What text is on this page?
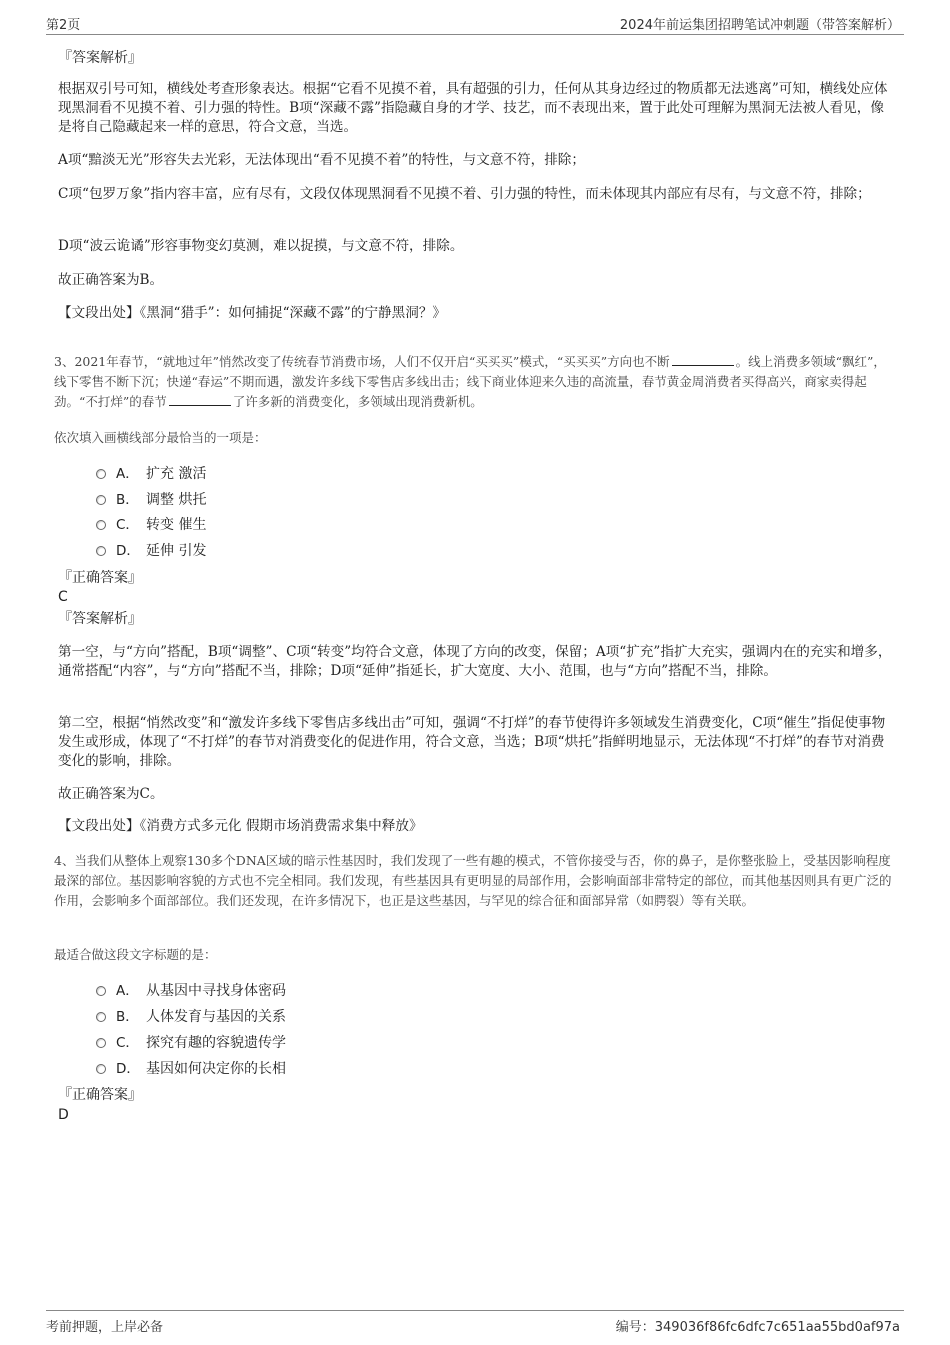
第2页	2024年前运集团招聘笔试冲刺题（带答案解析）
『答案解析』

根据双引号可知，横线处考查形象表达。根据“它看不见摸不着，具有超强的引力，任何从其身边经过的物质都无法逃离”可知，横线处应体现黑洞看不见摸不着、引力强的特性。B项“深藏不露”指隐藏自身的才学、技艺，而不表现出来，置于此处可理解为黑洞无法被人看见，像是将自己隐藏起来一样的意思，符合文意，当选。

A项“黯淡无光”形容失去光彩，无法体现出“看不见摸不着”的特性，与文意不符，排除；

C项“包罗万象”指内容丰富，应有尽有，文段仅体现黑洞看不见摸不着、引力强的特性，而未体现其内部应有尽有，与文意不符，排除；

D项“波云诡谲”形容事物变幻莫测，难以捉摸，与文意不符，排除。

故正确答案为B。

【文段出处】《黑洞“猎手”：如何捕捉“深藏不露”的宁静黑洞？》

3、2021年春节，“就地过年”悄然改变了传统春节消费市场，人们不仅开启“买买买”模式，“买买买”方向也不断	。线上消费多领域“飘红”，线下零售不断下沉；快递“春运”不期而遇，激发许多线下零售店多线出击；线下商业体迎来久违的高流量，春节黄金周消费者买得高兴，商家卖得起劲。“不打烊”的春节	了许多新的消费变化，多领域出现消费新机。

依次填入画横线部分最恰当的一项是：

A． 扩充 激活
B． 调整 烘托
C． 转变 催生
D． 延伸 引发
『正确答案』
C
『答案解析』

第一空，与“方向”搭配，B项“调整”、C项“转变”均符合文意，体现了方向的改变，保留；A项“扩充”指扩大充实，强调内在的充实和增多，通常搭配“内容”，与“方向”搭配不当，排除；D项“延伸”指延长，扩大宽度、大小、范围，也与“方向”搭配不当，排除。

第二空，根据“悄然改变”和“激发许多线下零售店多线出击”可知，强调“不打烊”的春节使得许多领域发生消费变化，C项“催生”指促使事物发生或形成，体现了“不打烊”的春节对消费变化的促进作用，符合文意，当选；B项“烘托”指鲜明地显示，无法体现“不打烊”的春节对消费变化的影响，排除。

故正确答案为C。

【文段出处】《消费方式多元化 假期市场消费需求集中释放》

4、当我们从整体上观察130多个DNA区域的暗示性基因时，我们发现了一些有趣的模式，不管你接受与否，你的鼻子，是你整张脸上，受基因影响程度最深的部位。基因影响容貌的方式也不完全相同。我们发现，有些基因具有更明显的局部作用，会影响面部非常特定的部位，而其他基因则具有更广泛的作用，会影响多个面部部位。我们还发现，在许多情况下，也正是这些基因，与罕见的综合征和面部异常（如腭裂）等有关联。

最适合做这段文字标题的是：

A． 从基因中寻找身体密码
B． 人体发育与基因的关系
C． 探究有趣的容貌遗传学
D． 基因如何决定你的长相
『正确答案』
D
考前押题，上岸必备	编号：349036f86fc6dfc7c651aa55bd0af97a
